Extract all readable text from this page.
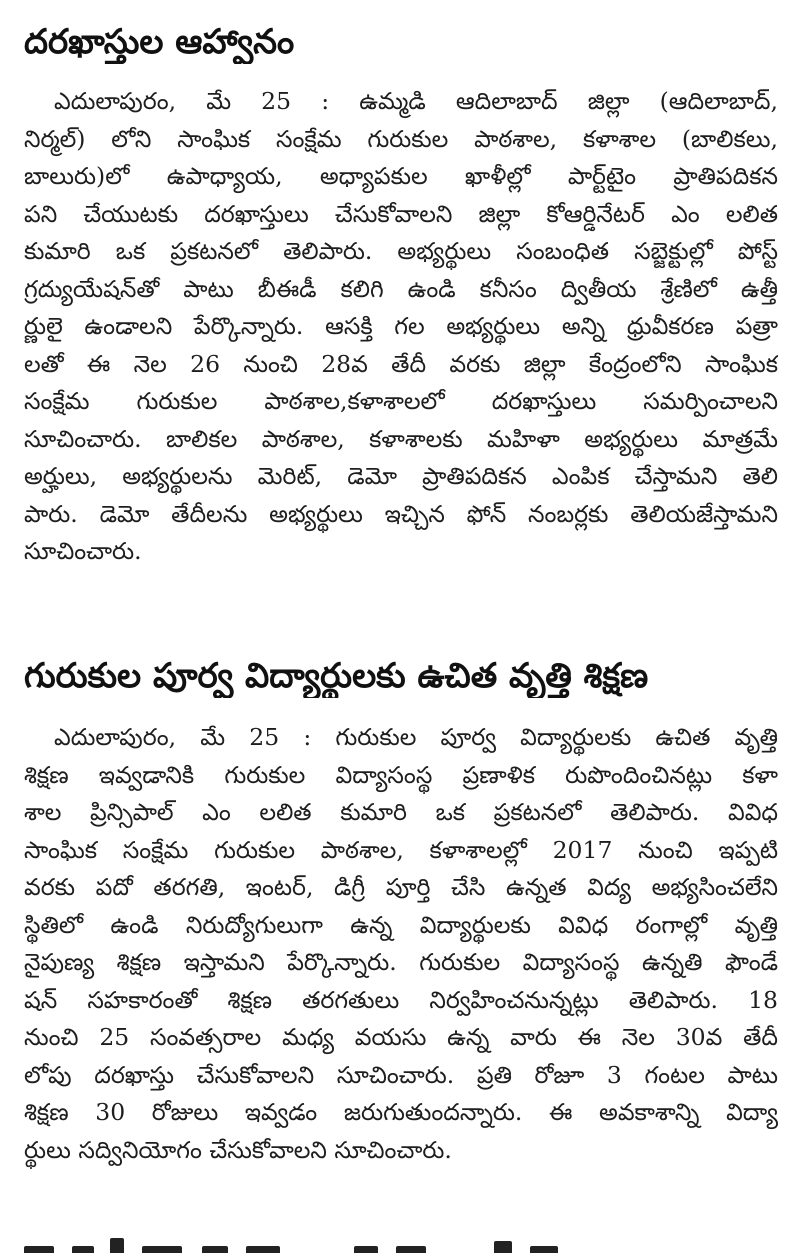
దరఖాస్తుల ఆహ్వానం
ఎదులాపురం, మే 25 : ఉమ్మడి ఆదిలాబాద్ జిల్లా (ఆదిలాబాద్,
నిర్మల్) లోని సాంఘిక సంక్షేమ గురుకుల పాఠశాల, కళాశాల (బాలికలు,
బాలురు)లో ఉపాధ్యాయ, అధ్యాపకుల ఖాళీల్లో పార్ట్‌టైం ప్రాతిపదికన
పని చేయుటకు దరఖాస్తులు చేసుకోవాలని జిల్లా కోఆర్డినేటర్ ఎం లలిత
కుమారి ఒక ప్రకటనలో తెలిపారు. అభ్యర్థులు సంబంధిత సబ్జెక్టుల్లో పోస్ట్
గ్రద్యుయేషన్‌తో పాటు బీఈడీ కలిగి ఉండి కనీసం ద్వితీయ శ్రేణిలో ఉత్తీ
ర్ణులై ఉండాలని పేర్కొన్నారు. ఆసక్తి గల అభ్యర్థులు అన్ని ధ్రువీకరణ పత్రా
లతో ఈ నెల 26 నుంచి 28వ తేదీ వరకు జిల్లా కేంద్రంలోని సాంఘిక
సంక్షేమ గురుకుల పాఠశాల,కళాశాలలో దరఖాస్తులు సమర్పించాలని
సూచించారు. బాలికల పాఠశాల, కళాశాలకు మహిళా అభ్యర్థులు మాత్రమే
అర్హులు, అభ్యర్థులను మెరిట్, డెమో ప్రాతిపదికన ఎంపిక చేస్తామని తెలి
పారు. డెమో తేదీలను అభ్యర్థులు ఇచ్చిన ఫోన్ నంబర్లకు తెలియజేస్తామని
సూచించారు.
గురుకుల పూర్వ విద్యార్థులకు ఉచిత వృత్తి శిక్షణ
ఎదులాపురం, మే 25 : గురుకుల పూర్వ విద్యార్థులకు ఉచిత వృత్తి
శిక్షణ ఇవ్వడానికి గురుకుల విద్యాసంస్థ ప్రణాళిక రుపొందించినట్లు కళా
శాల ప్రిన్సిపాల్ ఎం లలిత కుమారి ఒక ప్రకటనలో తెలిపారు. వివిధ
సాంఘిక సంక్షేమ గురుకుల పాఠశాల, కళాశాలల్లో 2017 నుంచి ఇప్పటి
వరకు పదో తరగతి, ఇంటర్, డిగ్రీ పూర్తి చేసి ఉన్నత విద్య అభ్యసించలేని
స్థితిలో ఉండి నిరుద్యోగులుగా ఉన్న విద్యార్థులకు వివిధ రంగాల్లో వృత్తి
నైపుణ్య శిక్షణ ఇస్తామని పేర్కొన్నారు. గురుకుల విద్యాసంస్థ ఉన్నతి ఫౌండే
షన్ సహకారంతో శిక్షణ తరగతులు నిర్వహించనున్నట్లు తెలిపారు. 18
నుంచి 25 సంవత్సరాల మధ్య వయసు ఉన్న వారు ఈ నెల 30వ తేదీ
లోపు దరఖాస్తు చేసుకోవాలని సూచించారు. ప్రతి రోజూ 3 గంటల పాటు
శిక్షణ 30 రోజులు ఇవ్వడం జరుగుతుందన్నారు. ఈ అవకాశాన్ని విద్యా
ర్థులు సద్వినియోగం చేసుకోవాలని సూచించారు.
